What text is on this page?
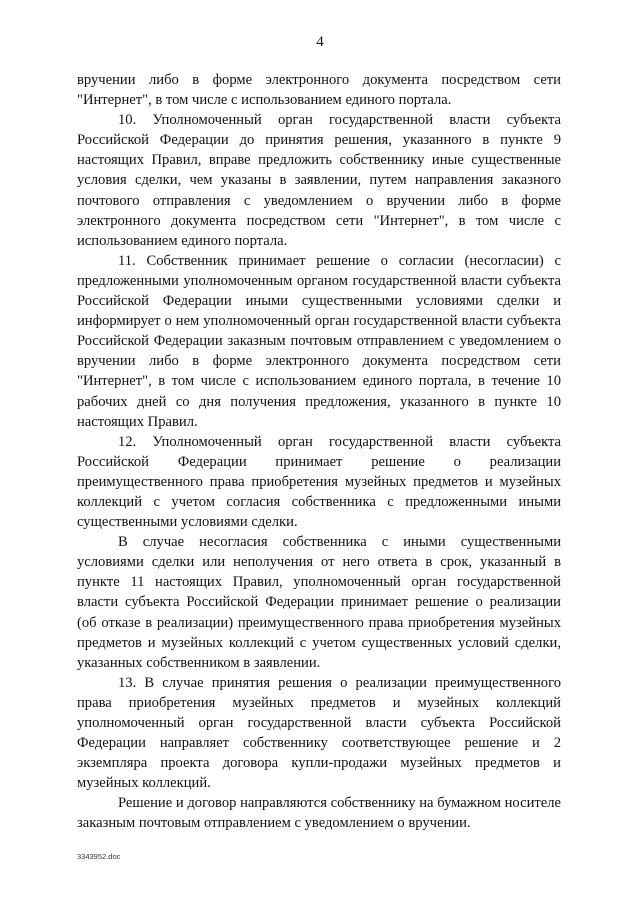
4

вручении либо в форме электронного документа посредством сети "Интернет", в том числе с использованием единого портала.

10. Уполномоченный орган государственной власти субъекта Российской Федерации до принятия решения, указанного в пункте 9 настоящих Правил, вправе предложить собственнику иные существенные условия сделки, чем указаны в заявлении, путем направления заказного почтового отправления с уведомлением о вручении либо в форме электронного документа посредством сети "Интернет", в том числе с использованием единого портала.

11. Собственник принимает решение о согласии (несогласии) с предложенными уполномоченным органом государственной власти субъекта Российской Федерации иными существенными условиями сделки и информирует о нем уполномоченный орган государственной власти субъекта Российской Федерации заказным почтовым отправлением с уведомлением о вручении либо в форме электронного документа посредством сети "Интернет", в том числе с использованием единого портала, в течение 10 рабочих дней со дня получения предложения, указанного в пункте 10 настоящих Правил.

12. Уполномоченный орган государственной власти субъекта Российской Федерации принимает решение о реализации преимущественного права приобретения музейных предметов и музейных коллекций с учетом согласия собственника с предложенными иными существенными условиями сделки.

В случае несогласия собственника с иными существенными условиями сделки или неполучения от него ответа в срок, указанный в пункте 11 настоящих Правил, уполномоченный орган государственной власти субъекта Российской Федерации принимает решение о реализации (об отказе в реализации) преимущественного права приобретения музейных предметов и музейных коллекций с учетом существенных условий сделки, указанных собственником в заявлении.

13. В случае принятия решения о реализации преимущественного права приобретения музейных предметов и музейных коллекций уполномоченный орган государственной власти субъекта Российской Федерации направляет собственнику соответствующее решение и 2 экземпляра проекта договора купли-продажи музейных предметов и музейных коллекций.

Решение и договор направляются собственнику на бумажном носителе заказным почтовым отправлением с уведомлением о вручении.

3343952.doc
